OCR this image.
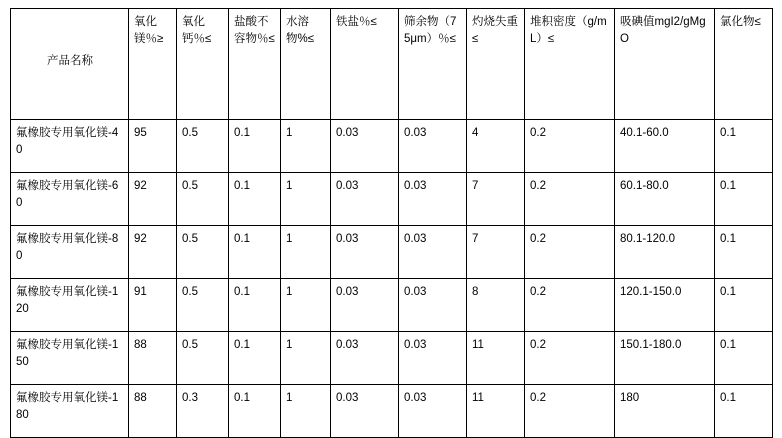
产品名称	氧化镁％≥	氧化钙％≤	盐酸不容物％≤	水溶物%≤	铁盐％≤	筛余物（75μm）％≤	灼烧失重≤	堆积密度（g/mL）≤	吸碘值mgI2/gMgO	氯化物≤
氟橡胶专用氧化镁-40	95	0.5	0.1	1	0.03	0.03	4	0.2	40.1-60.0	0.1
氟橡胶专用氧化镁-60	92	0.5	0.1	1	0.03	0.03	7	0.2	60.1-80.0	0.1
氟橡胶专用氧化镁-80	92	0.5	0.1	1	0.03	0.03	7	0.2	80.1-120.0	0.1
氟橡胶专用氧化镁-120	91	0.5	0.1	1	0.03	0.03	8	0.2	120.1-150.0	0.1
氟橡胶专用氧化镁-150	88	0.5	0.1	1	0.03	0.03	11	0.2	150.1-180.0	0.1
氟橡胶专用氧化镁-180	88	0.3	0.1	1	0.03	0.03	11	0.2	180	0.1
